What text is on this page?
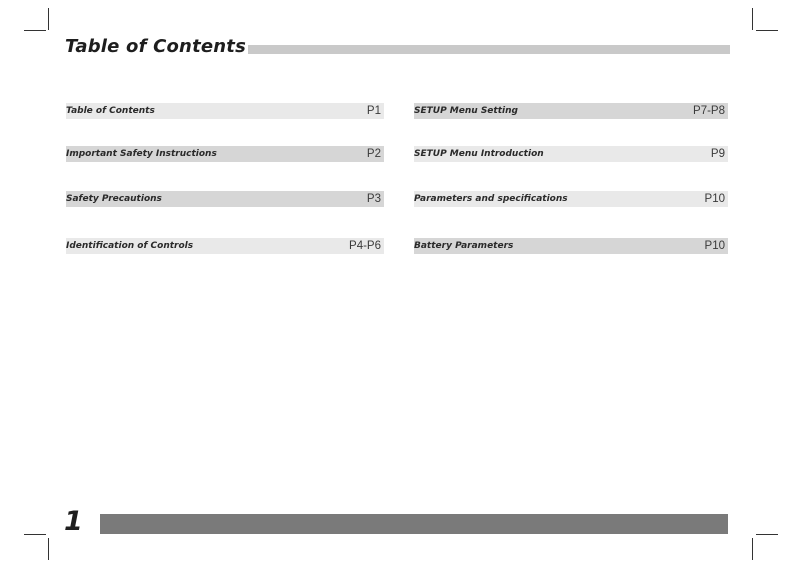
Table of Contents
Table of Contents	P1
Important Safety Instructions	P2
Safety Precautions	P3
Identification of Controls	P4-P6
SETUP Menu Setting	P7-P8
SETUP Menu Introduction	P9
Parameters and specifications	P10
Battery Parameters	P10
1
